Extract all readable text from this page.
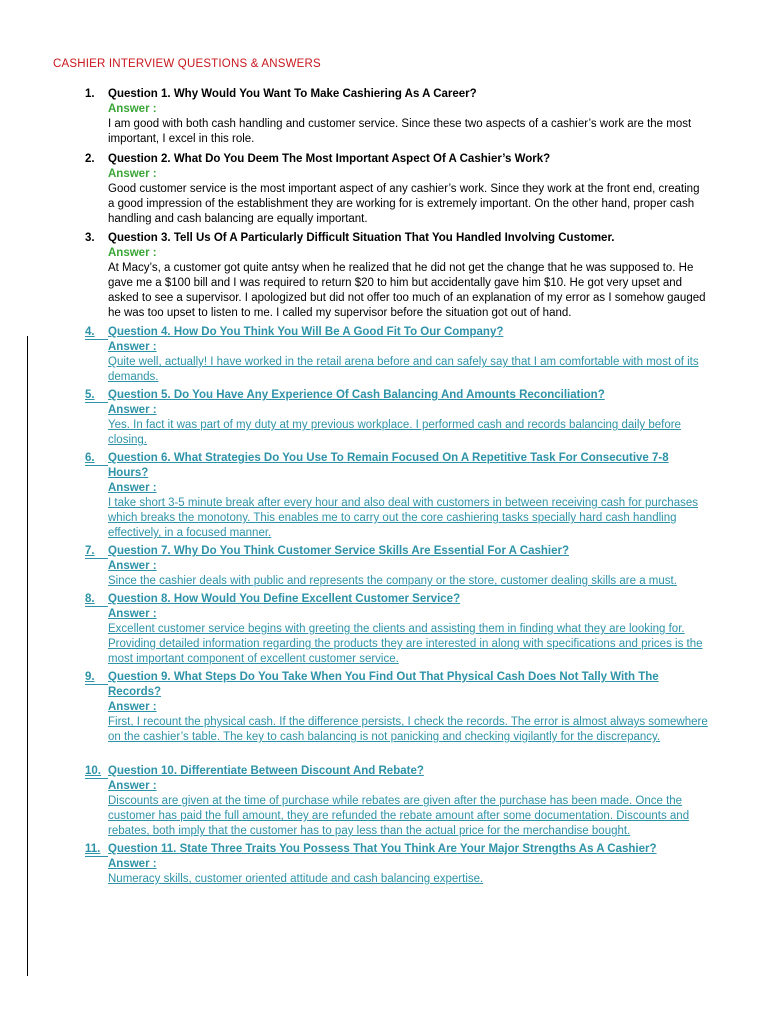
CASHIER INTERVIEW QUESTIONS & ANSWERS
1. Question 1. Why Would You Want To Make Cashiering As A Career?
Answer :
I am good with both cash handling and customer service. Since these two aspects of a cashier’s work are the most important, I excel in this role.
2. Question 2. What Do You Deem The Most Important Aspect Of A Cashier’s Work?
Answer :
Good customer service is the most important aspect of any cashier’s work. Since they work at the front end, creating a good impression of the establishment they are working for is extremely important. On the other hand, proper cash handling and cash balancing are equally important.
3. Question 3. Tell Us Of A Particularly Difficult Situation That You Handled Involving Customer.
Answer :
At Macy’s, a customer got quite antsy when he realized that he did not get the change that he was supposed to. He gave me a $100 bill and I was required to return $20 to him but accidentally gave him $10. He got very upset and asked to see a supervisor. I apologized but did not offer too much of an explanation of my error as I somehow gauged he was too upset to listen to me. I called my supervisor before the situation got out of hand.
4. Question 4. How Do You Think You Will Be A Good Fit To Our Company?
Answer :
Quite well, actually! I have worked in the retail arena before and can safely say that I am comfortable with most of its demands.
5. Question 5. Do You Have Any Experience Of Cash Balancing And Amounts Reconciliation?
Answer :
Yes. In fact it was part of my duty at my previous workplace. I performed cash and records balancing daily before closing.
6. Question 6. What Strategies Do You Use To Remain Focused On A Repetitive Task For Consecutive 7-8 Hours?
Answer :
I take short 3-5 minute break after every hour and also deal with customers in between receiving cash for purchases which breaks the monotony. This enables me to carry out the core cashiering tasks specially hard cash handling effectively, in a focused manner.
7. Question 7. Why Do You Think Customer Service Skills Are Essential For A Cashier?
Answer :
Since the cashier deals with public and represents the company or the store, customer dealing skills are a must.
8. Question 8. How Would You Define Excellent Customer Service?
Answer :
Excellent customer service begins with greeting the clients and assisting them in finding what they are looking for. Providing detailed information regarding the products they are interested in along with specifications and prices is the most important component of excellent customer service.
9. Question 9. What Steps Do You Take When You Find Out That Physical Cash Does Not Tally With The Records?
Answer :
First, I recount the physical cash. If the difference persists, I check the records. The error is almost always somewhere on the cashier’s table. The key to cash balancing is not panicking and checking vigilantly for the discrepancy.
10. Question 10. Differentiate Between Discount And Rebate?
Answer :
Discounts are given at the time of purchase while rebates are given after the purchase has been made. Once the customer has paid the full amount, they are refunded the rebate amount after some documentation. Discounts and rebates, both imply that the customer has to pay less than the actual price for the merchandise bought.
11. Question 11. State Three Traits You Possess That You Think Are Your Major Strengths As A Cashier?
Answer :
Numeracy skills, customer oriented attitude and cash balancing expertise.
